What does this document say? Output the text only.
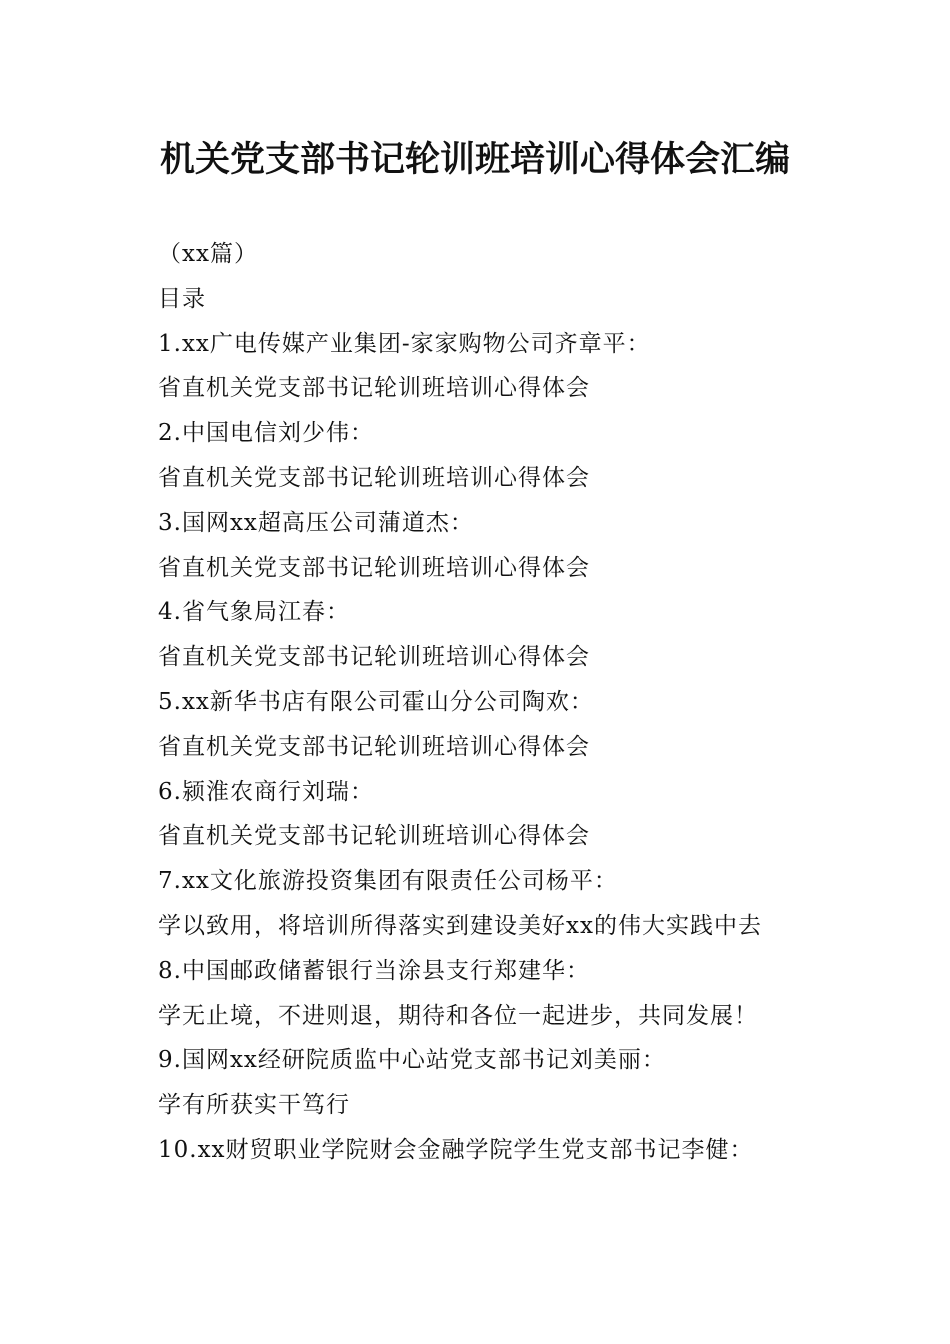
机关党支部书记轮训班培训心得体会汇编
（xx篇）
目录
1.xx广电传媒产业集团-家家购物公司齐章平：
省直机关党支部书记轮训班培训心得体会
2.中国电信刘少伟：
省直机关党支部书记轮训班培训心得体会
3.国网xx超高压公司蒲道杰：
省直机关党支部书记轮训班培训心得体会
4.省气象局江春：
省直机关党支部书记轮训班培训心得体会
5.xx新华书店有限公司霍山分公司陶欢：
省直机关党支部书记轮训班培训心得体会
6.颍淮农商行刘瑞：
省直机关党支部书记轮训班培训心得体会
7.xx文化旅游投资集团有限责任公司杨平：
学以致用，将培训所得落实到建设美好xx的伟大实践中去
8.中国邮政储蓄银行当涂县支行郑建华：
学无止境，不进则退，期待和各位一起进步，共同发展！
9.国网xx经研院质监中心站党支部书记刘美丽：
学有所获实干笃行
10.xx财贸职业学院财会金融学院学生党支部书记李健：
